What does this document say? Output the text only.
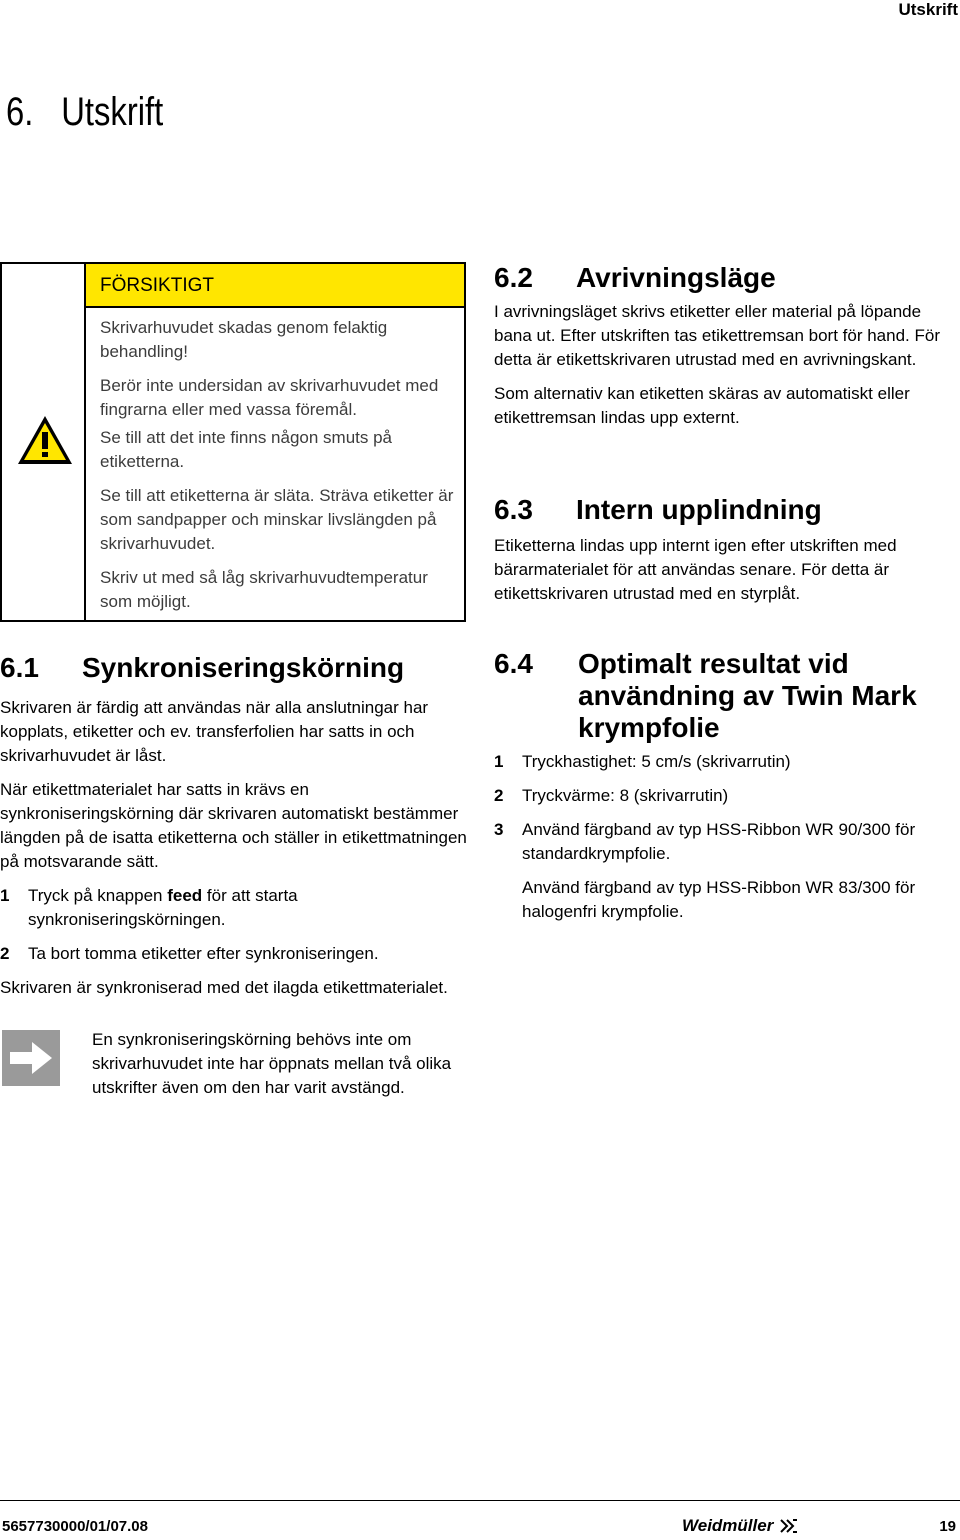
Utskrift
6. Utskrift
FÖRSIKTIGT

Skrivarhuvudet skadas genom felaktig behandling!

Berör inte undersidan av skrivarhuvudet med fingrarna eller med vassa föremål.

Se till att det inte finns någon smuts på etiketterna.

Se till att etiketterna är släta. Sträva etiketter är som sandpapper och minskar livslängden på skrivarhuvudet.

Skriv ut med så låg skrivarhuvudtemperatur som möjligt.

6.1 Synkroniseringskörning

Skrivaren är färdig att användas när alla anslutningar har kopplats, etiketter och ev. transferfolien har satts in och skrivarhuvudet är låst.

När etikettmaterialet har satts in krävs en synkroniseringskörning där skrivaren automatiskt bestämmer längden på de isatta etiketterna och ställer in etikettmatningen på motsvarande sätt.

1 Tryck på knappen feed för att starta synkroniseringskörningen.
2 Ta bort tomma etiketter efter synkroniseringen.

Skrivaren är synkroniserad med det ilagda etikettmaterialet.

En synkroniseringskörning behövs inte om skrivarhuvudet inte har öppnats mellan två olika utskrifter även om den har varit avstängd.
6.2 Avrivningsläge

I avrivningsläget skrivs etiketter eller material på löpande bana ut. Efter utskriften tas etikettremsan bort för hand. För detta är etikettskrivaren utrustad med en avrivningskant.

Som alternativ kan etiketten skäras av automatiskt eller etikettremsan lindas upp externt.

6.3 Intern upplindning

Etiketterna lindas upp internt igen efter utskriften med bärarmaterialet för att användas senare. För detta är etikettskrivaren utrustad med en styrplåt.

6.4 Optimalt resultat vid användning av Twin Mark krympfolie
1 Tryckhastighet: 5 cm/s (skrivarrutin)
2 Tryckvärme: 8 (skrivarrutin)
3 Använd färgband av typ HSS-Ribbon WR 90/300 för standardkrympfolie.
Använd färgband av typ HSS-Ribbon WR 83/300 för halogenfri krympfolie.
5657730000/01/07.08	Weidmüller	19
